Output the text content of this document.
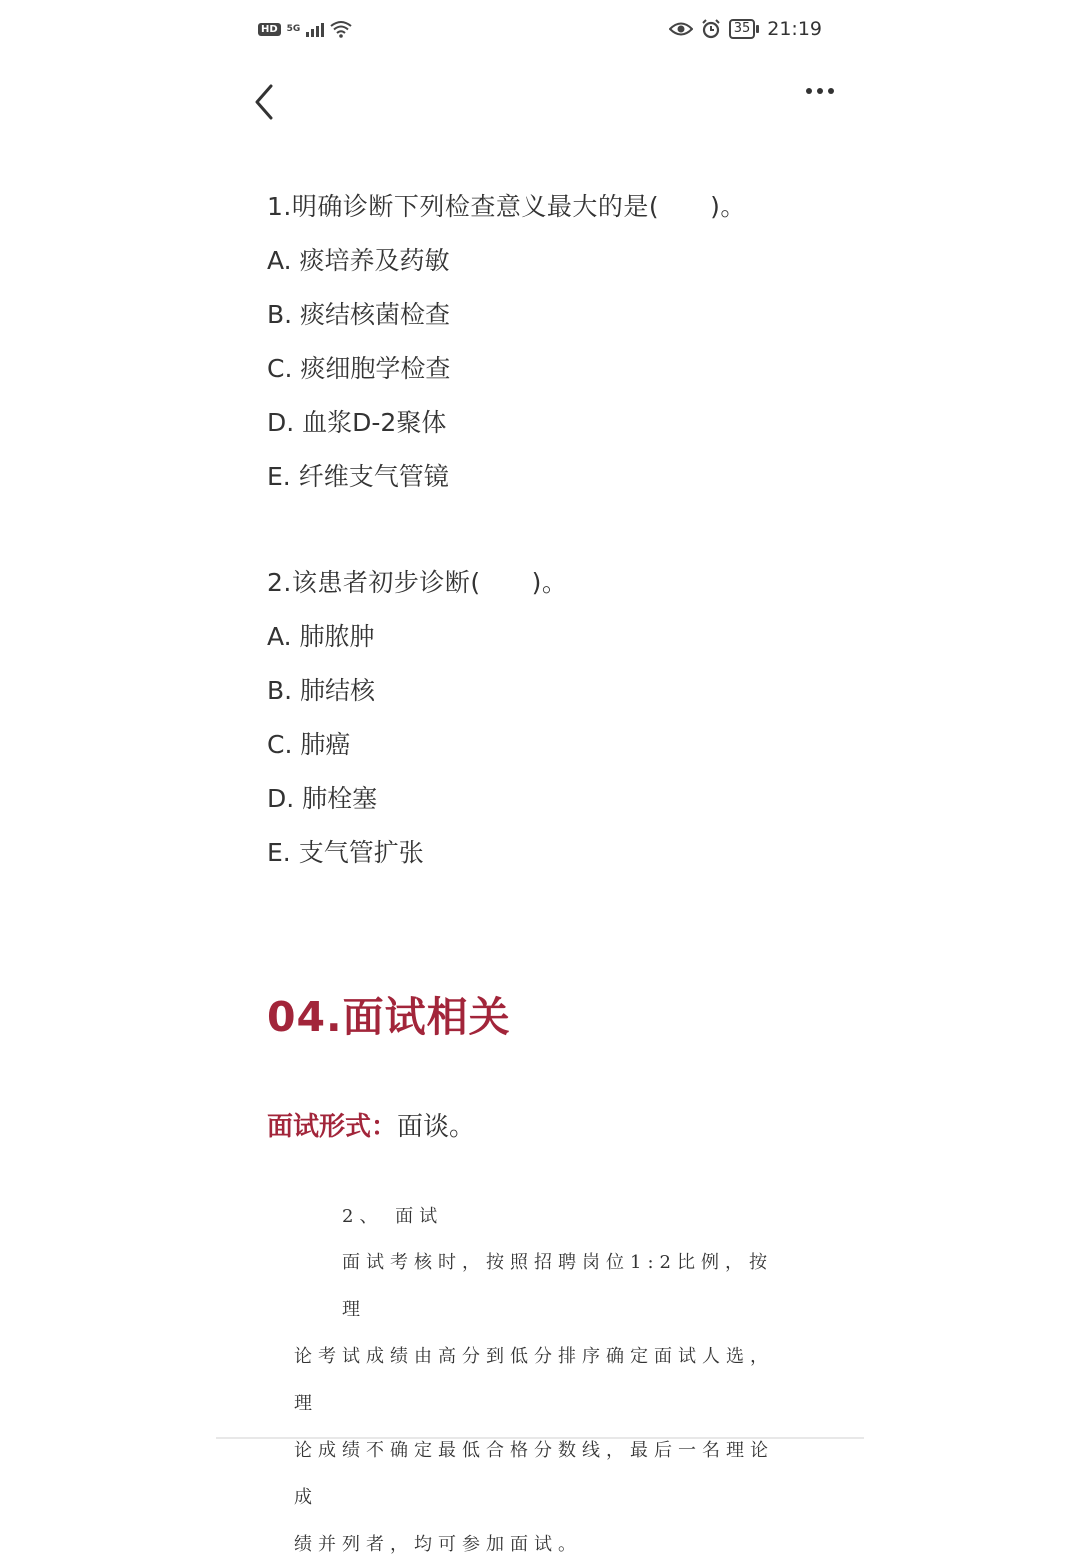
HD	5G	35 21:19
1.明确诊断下列检查意义最大的是(　　)。
A. 痰培养及药敏
B. 痰结核菌检查
C. 痰细胞学检查
D. 血浆D-2聚体
E. 纤维支气管镜
2.该患者初步诊断(　　)。
A. 肺脓肿
B. 肺结核
C. 肺癌
D. 肺栓塞
E. 支气管扩张
04.面试相关
面试形式：面谈。
2、 面试
面试考核时，按照招聘岗位1:2比例，按理
论考试成绩由高分到低分排序确定面试人选，理
论成绩不确定最低合格分数线，最后一名理论成
绩并列者，均可参加面试。
